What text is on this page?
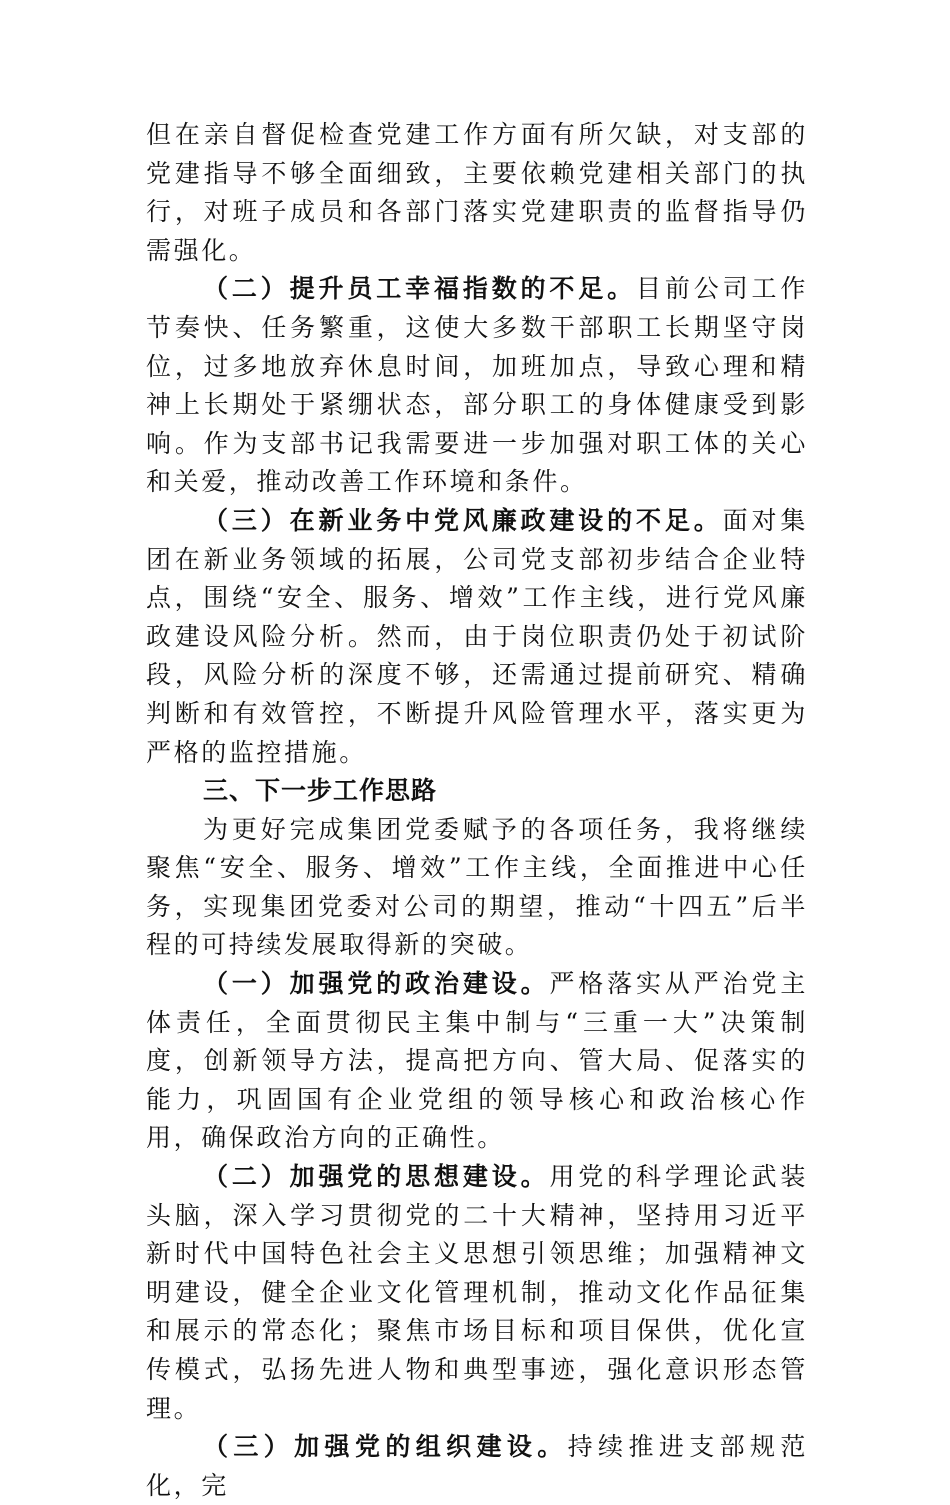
但在亲自督促检查党建工作方面有所欠缺，对支部的党建指导不够全面细致，主要依赖党建相关部门的执行，对班子成员和各部门落实党建职责的监督指导仍需强化。

（二）提升员工幸福指数的不足。目前公司工作节奏快、任务繁重，这使大多数干部职工长期坚守岗位，过多地放弃休息时间，加班加点，导致心理和精神上长期处于紧绷状态，部分职工的身体健康受到影响。作为支部书记我需要进一步加强对职工体的关心和关爱，推动改善工作环境和条件。

（三）在新业务中党风廉政建设的不足。面对集团在新业务领域的拓展，公司党支部初步结合企业特点，围绕“安全、服务、增效”工作主线，进行党风廉政建设风险分析。然而，由于岗位职责仍处于初试阶段，风险分析的深度不够，还需通过提前研究、精确判断和有效管控，不断提升风险管理水平，落实更为严格的监控措施。

三、下一步工作思路

为更好完成集团党委赋予的各项任务，我将继续聚焦“安全、服务、增效”工作主线，全面推进中心任务，实现集团党委对公司的期望，推动“十四五”后半程的可持续发展取得新的突破。

（一）加强党的政治建设。严格落实从严治党主体责任，全面贯彻民主集中制与“三重一大”决策制度，创新领导方法，提高把方向、管大局、促落实的能力，巩固国有企业党组的领导核心和政治核心作用，确保政治方向的正确性。

（二）加强党的思想建设。用党的科学理论武装头脑，深入学习贯彻党的二十大精神，坚持用习近平新时代中国特色社会主义思想引领思维；加强精神文明建设，健全企业文化管理机制，推动文化作品征集和展示的常态化；聚焦市场目标和项目保供，优化宣传模式，弘扬先进人物和典型事迹，强化意识形态管理。

（三）加强党的组织建设。持续推进支部规范化，完
